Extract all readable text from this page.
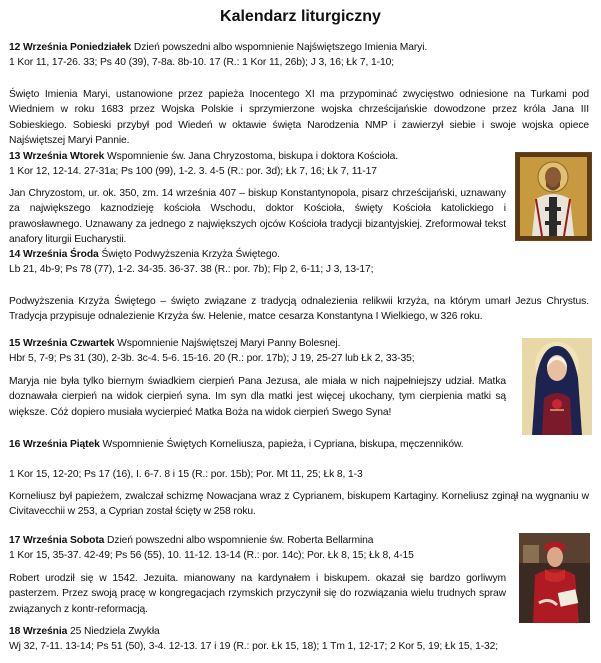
Kalendarz liturgiczny
12 Września Poniedziałek Dzień powszedni albo wspomnienie Najświętszego Imienia Maryi.
1 Kor 11, 17-26. 33; Ps 40 (39), 7-8a. 8b-10. 17 (R.: 1 Kor 11, 26b); J 3, 16; Łk 7, 1-10;
Święto Imienia Maryi, ustanowione przez papieża Inocentego XI ma przypominać zwycięstwo odniesione na Turkami pod Wiedniem w roku 1683 przez Wojska Polskie i sprzymierzone wojska chrześcijańskie dowodzone przez króla Jana III Sobieskiego. Sobieski przybył pod Wiedeń w oktawie święta Narodzenia NMP i zawierzył siebie i swoje wojska opiece Najświętszej Maryi Pannie.
13 Września Wtorek Wspomnienie św. Jana Chryzostoma, biskupa i doktora Kościoła.
1 Kor 12, 12-14. 27-31a; Ps 100 (99), 1-2. 3. 4-5 (R.: por. 3d); Łk 7, 16; Łk 7, 11-17
Jan Chryzostom, ur. ok. 350, zm. 14 września 407 – biskup Konstantynopola, pisarz chrześcijański, uznawany za największego kaznodzieję kościoła Wschodu, doktor Kościoła, święty Kościoła katolickiego i prawosławnego. Uznawany za jednego z największych ojców Kościoła tradycji bizantyjskiej. Zreformował tekst anafory liturgii Eucharystii.
14 Września Środa Święto Podwyższenia Krzyża Świętego.
Lb 21, 4b-9; Ps 78 (77), 1-2. 34-35. 36-37. 38 (R.: por. 7b); Flp 2, 6-11; J 3, 13-17;
Podwyższenia Krzyża Świętego – święto związane z tradycją odnalezienia relikwii krzyża, na którym umarł Jezus Chrystus. Tradycja przypisuje odnalezienie Krzyża św. Helenie, matce cesarza Konstantyna I Wielkiego, w 326 roku.
15 Września Czwartek Wspomnienie Najświętszej Maryi Panny Bolesnej.
Hbr 5, 7-9; Ps 31 (30), 2-3b. 3c-4. 5-6. 15-16. 20 (R.: por. 17b); J 19, 25-27 lub Łk 2, 33-35;
Maryja nie była tylko biernym świadkiem cierpień Pana Jezusa, ale miała w nich najpełniejszy udział. Matka doznawała cierpień na widok cierpień syna. Im syn dla matki jest więcej ukochany, tym cierpienia matki są większe. Cóż dopiero musiała wycierpieć Matka Boża na widok cierpień Swego Syna!
16 Września Piątek Wspomnienie Świętych Korneliusza, papieża, i Cypriana, biskupa, męczenników.
1 Kor 15, 12-20; Ps 17 (16), I. 6-7. 8 i 15 (R.: por. 15b); Por. Mt 11, 25; Łk 8, 1-3
Korneliusz był papieżem, zwalczał schizmę Nowacjana wraz z Cyprianem, biskupem Kartaginy. Korneliusz zginął na wygnaniu w Civitavecchii w 253, a Cyprian został ścięty w 258 roku.
17 Września Sobota Dzień powszedni albo wspomnienie św. Roberta Bellarmina
1 Kor 15, 35-37. 42-49; Ps 56 (55), 10. 11-12. 13-14 (R.: por. 14c); Por. Łk 8, 15; Łk 8, 4-15
Robert urodził się w 1542. Jezuita. mianowany na kardynałem i biskupem. okazał się bardzo gorliwym pasterzem. Przez swoją pracę w kongregacjach rzymskich przyczynił się do rozwiązania wielu trudnych spraw związanych z kontr-reformacją.
18 Września 25 Niedziela Zwykła
Wj 32, 7-11. 13-14; Ps 51 (50), 3-4. 12-13. 17 i 19 (R.: por. Łk 15, 18); 1 Tm 1, 12-17; 2 Kor 5, 19; Łk 15, 1-32;
